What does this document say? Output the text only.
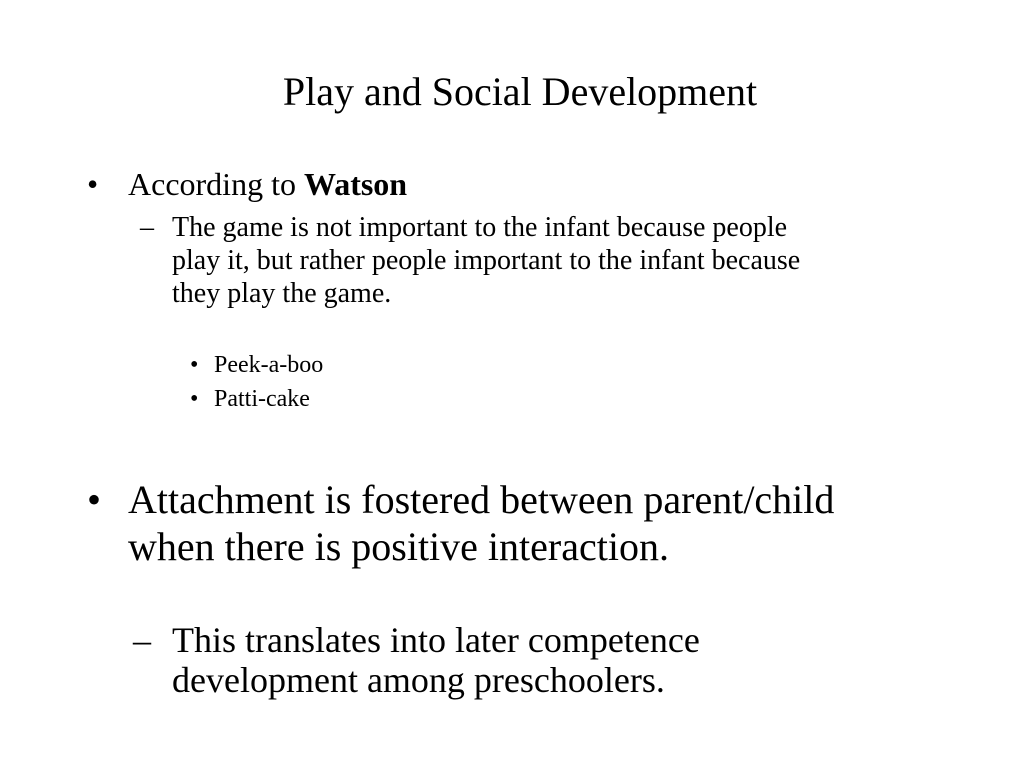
Play and Social Development
• According to Watson
– The game is not important to the infant because people
play it, but rather people important to the infant because
they play the game.
• Peek-a-boo
• Patti-cake
• Attachment is fostered between parent/child
when there is positive interaction.
– This translates into later competence
development among preschoolers.
